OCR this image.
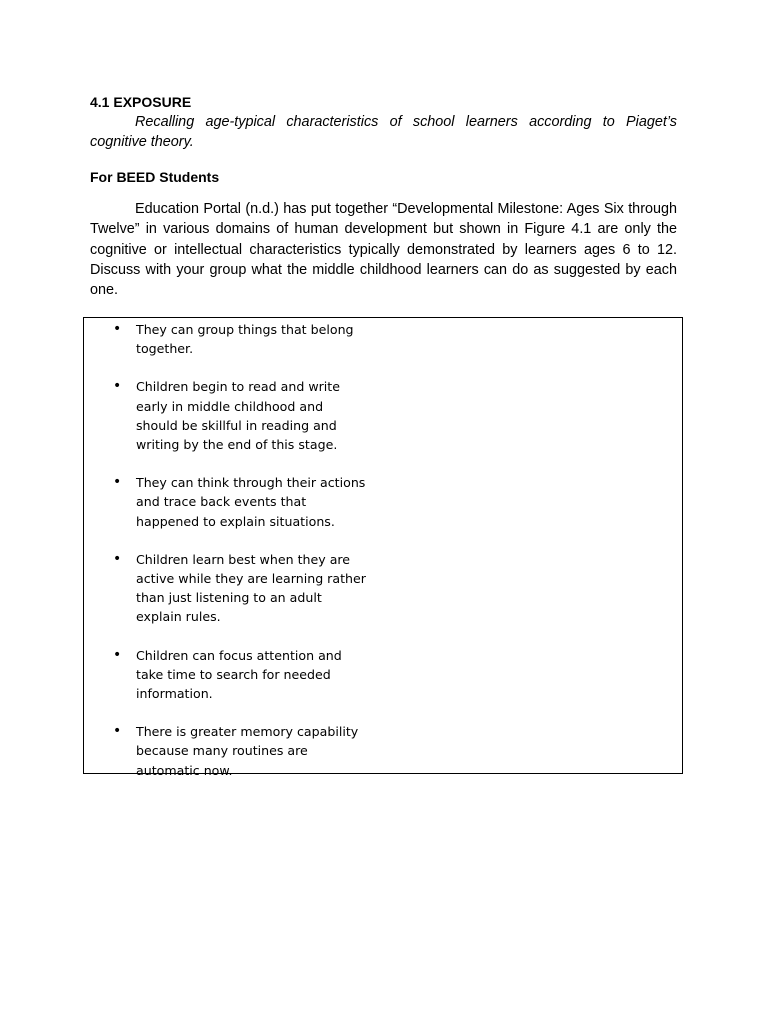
4.1 EXPOSURE

Recalling age-typical characteristics of school learners according to Piaget’s cognitive theory.

For BEED Students

Education Portal (n.d.) has put together “Developmental Milestone: Ages Six through Twelve” in various domains of human development but shown in Figure 4.1 are only the cognitive or intellectual characteristics typically demonstrated by learners ages 6 to 12. Discuss with your group what the middle childhood learners can do as suggested by each one.

• They can group things that belong together.
• Children begin to read and write early in middle childhood and should be skillful in reading and writing by the end of this stage.
• They can think through their actions and trace back events that happened to explain situations.
• Children learn best when they are active while they are learning rather than just listening to an adult explain rules.
• Children can focus attention and take time to search for needed information.
• There is greater memory capability because many routines are automatic now.
